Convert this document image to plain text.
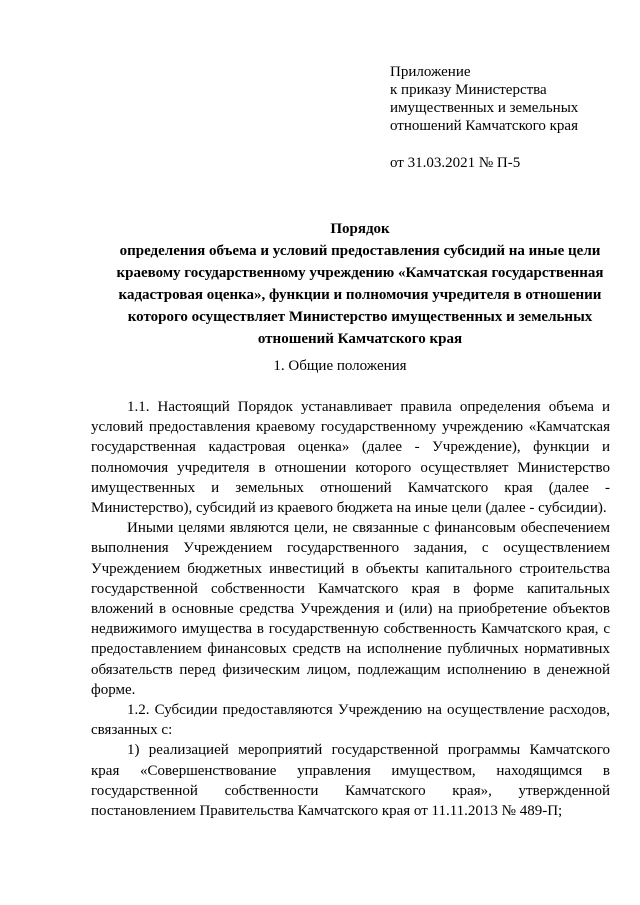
Приложение
к приказу Министерства
имущественных и земельных
отношений Камчатского края
от 31.03.2021 № П-5
Порядок
определения объема и условий предоставления субсидий на иные цели
краевому государственному учреждению «Камчатская государственная
кадастровая оценка», функции и полномочия учредителя в отношении
которого осуществляет Министерство имущественных и земельных
отношений Камчатского края
1. Общие положения
1.1. Настоящий Порядок устанавливает правила определения объема и
условий предоставления краевому государственному учреждению «Камчатская
государственная кадастровая оценка» (далее - Учреждение), функции и
полномочия учредителя в отношении которого осуществляет Министерство
имущественных и земельных отношений Камчатского края (далее -
Министерство), субсидий из краевого бюджета на иные цели (далее - субсидии).
Иными целями являются цели, не связанные с финансовым обеспечением
выполнения Учреждением государственного задания, с осуществлением
Учреждением бюджетных инвестиций в объекты капитального строительства
государственной собственности Камчатского края в форме капитальных
вложений в основные средства Учреждения и (или) на приобретение объектов
недвижимого имущества в государственную собственность Камчатского края, с
предоставлением финансовых средств на исполнение публичных нормативных
обязательств перед физическим лицом, подлежащим исполнению в денежной
форме.
1.2. Субсидии предоставляются Учреждению на осуществление расходов,
связанных с:
1) реализацией мероприятий государственной программы Камчатского
края «Совершенствование управления имуществом, находящимся в
государственной собственности Камчатского края», утвержденной
постановлением Правительства Камчатского края от 11.11.2013 № 489-П;
